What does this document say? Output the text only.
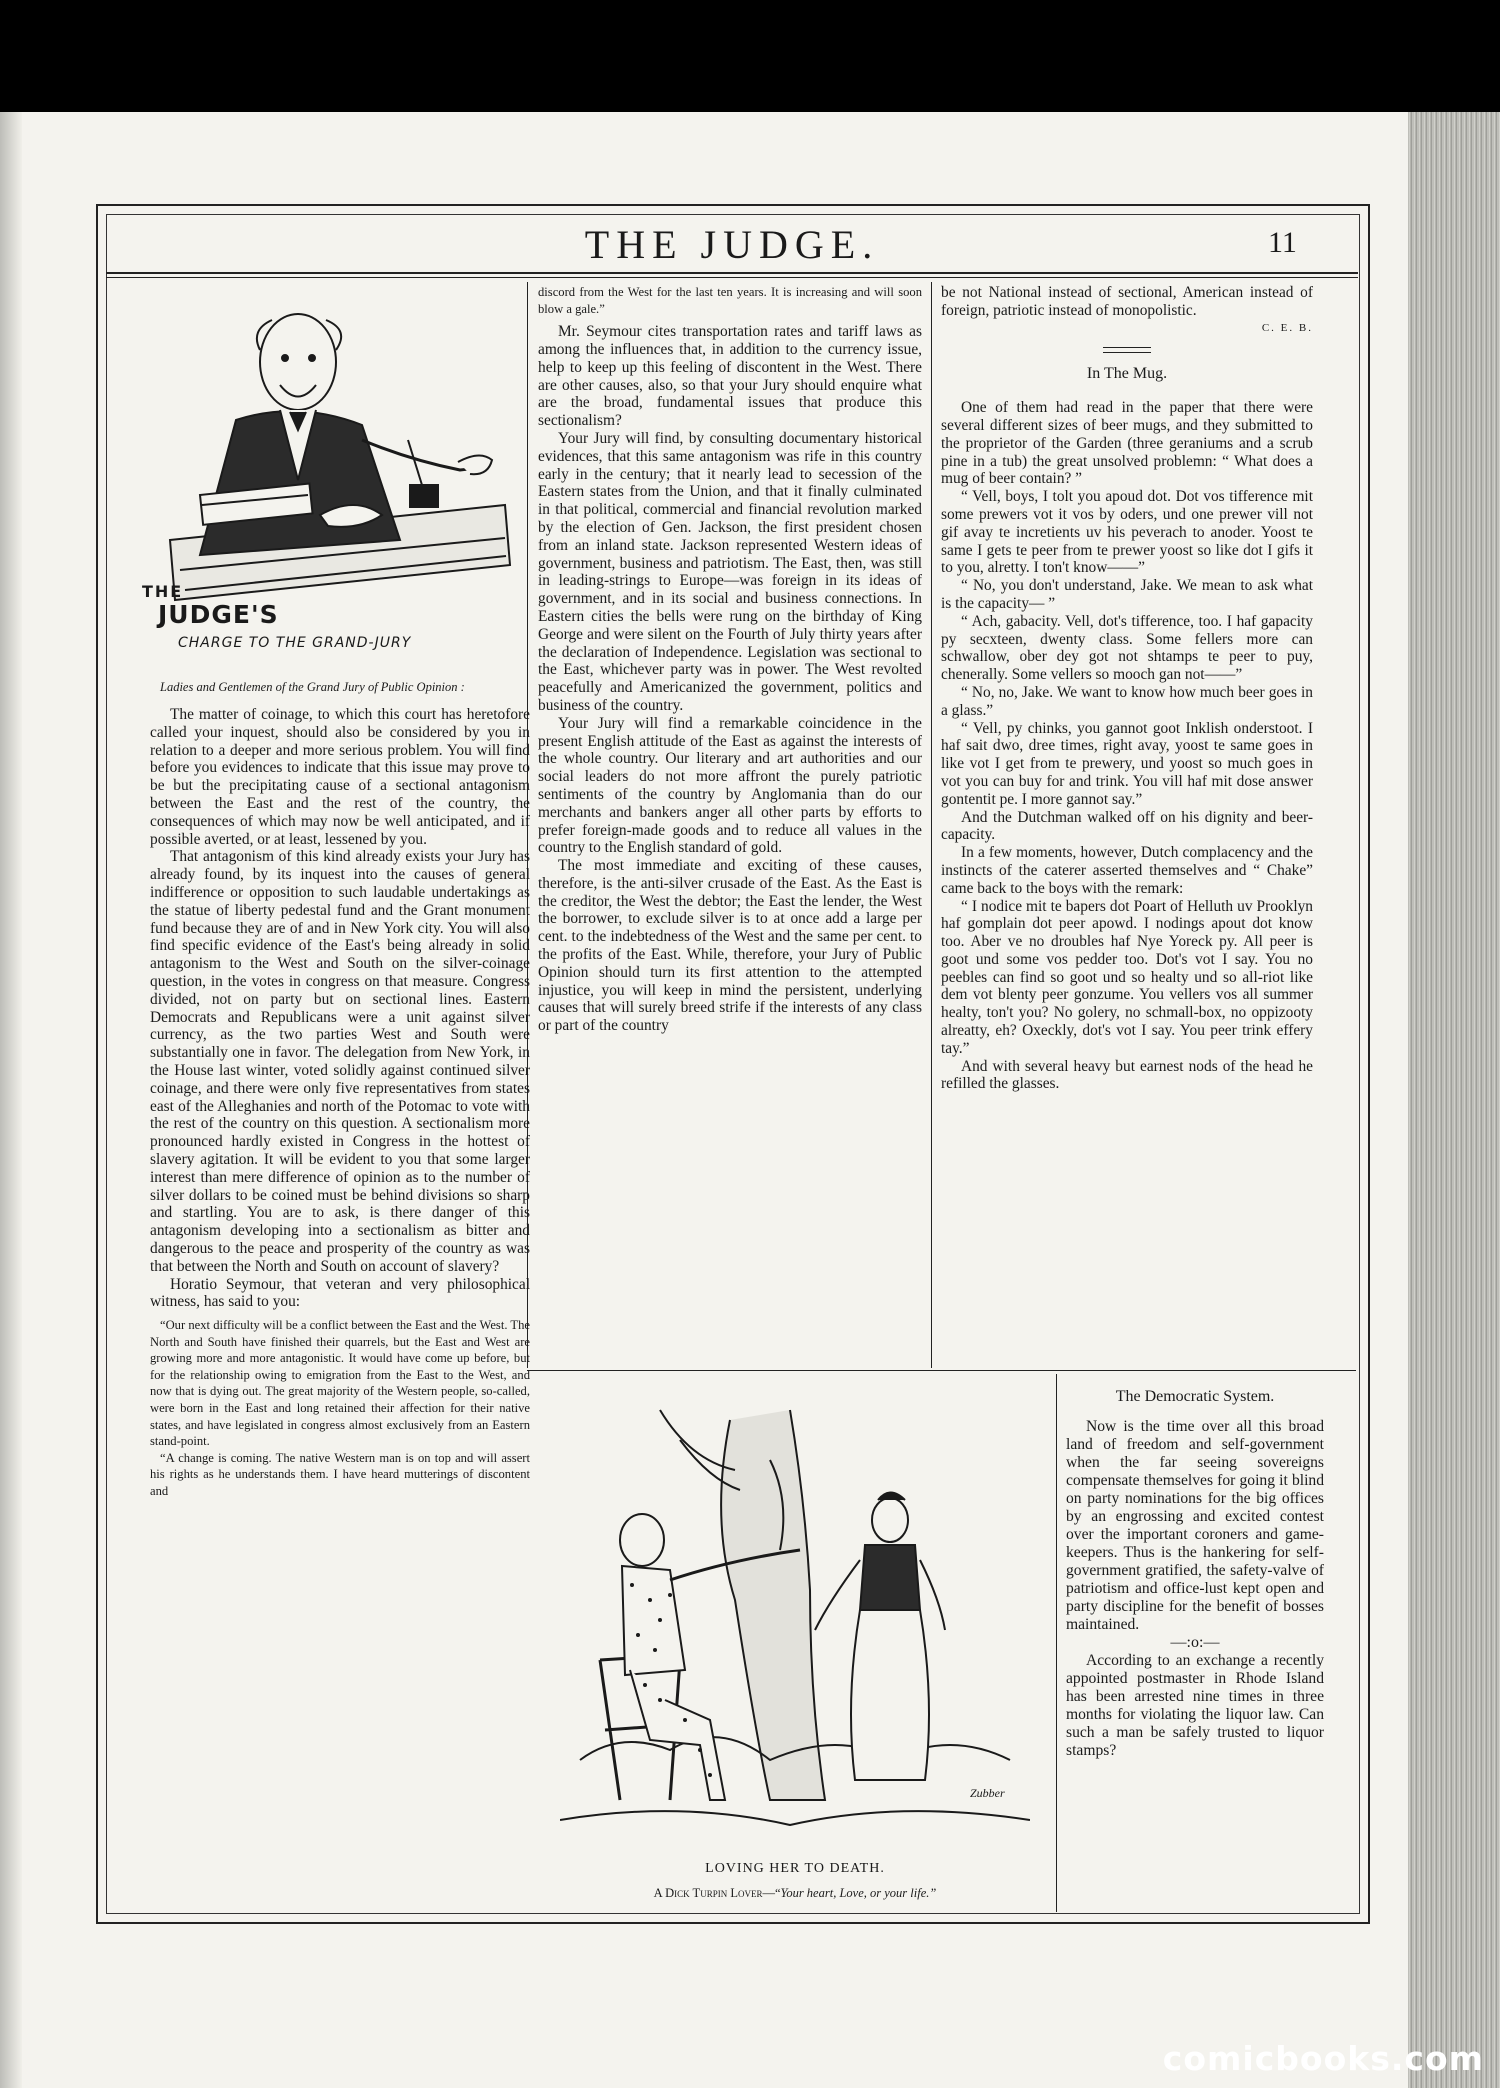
THE JUDGE.	11
THE
JUDGE'S
CHARGE TO THE GRAND-JURY

Ladies and Gentlemen of the Grand Jury of Public Opinion :

The matter of coinage, to which this court has heretofore called your inquest, should also be considered by you in relation to a deeper and more serious problem. You will find before you evidences to indicate that this issue may prove to be but the precipitating cause of a sectional antagonism between the East and the rest of the country, the consequences of which may now be well anticipated, and if possible averted, or at least, lessened by you.

That antagonism of this kind already exists your Jury has already found, by its inquest into the causes of general indifference or opposition to such laudable undertakings as the statue of liberty pedestal fund and the Grant monument fund because they are of and in New York city. You will also find specific evidence of the East's being already in solid antagonism to the West and South on the silver-coinage question, in the votes in congress on that measure. Congress divided, not on party but on sectional lines. Eastern Democrats and Republicans were a unit against silver currency, as the two parties West and South were substantially one in favor. The delegation from New York, in the House last winter, voted solidly against continued silver coinage, and there were only five representatives from states east of the Alleghanies and north of the Potomac to vote with the rest of the country on this question. A sectionalism more pronounced hardly existed in Congress in the hottest of slavery agitation. It will be evident to you that some larger interest than mere difference of opinion as to the number of silver dollars to be coined must be behind divisions so sharp and startling. You are to ask, is there danger of this antagonism developing into a sectionalism as bitter and dangerous to the peace and prosperity of the country as was that between the North and South on account of slavery?

Horatio Seymour, that veteran and very philosophical witness, has said to you:

“Our next difficulty will be a conflict between the East and the West. The North and South have finished their quarrels, but the East and West are growing more and more antagonistic. It would have come up before, but for the relationship owing to emigration from the East to the West, and now that is dying out. The great majority of the Western people, so-called, were born in the East and long retained their affection for their native states, and have legislated in congress almost exclusively from an Eastern stand-point.

“A change is coming. The native Western man is on top and will assert his rights as he understands them. I have heard mutterings of discontent and

discord from the West for the last ten years. It is increasing and will soon blow a gale.”

Mr. Seymour cites transportation rates and tariff laws as among the influences that, in addition to the currency issue, help to keep up this feeling of discontent in the West. There are other causes, also, so that your Jury should enquire what are the broad, fundamental issues that produce this sectionalism?

Your Jury will find, by consulting documentary historical evidences, that this same antagonism was rife in this country early in the century; that it nearly lead to secession of the Eastern states from the Union, and that it finally culminated in that political, commercial and financial revolution marked by the election of Gen. Jackson, the first president chosen from an inland state. Jackson represented Western ideas of government, business and patriotism. The East, then, was still in leading-strings to Europe—was foreign in its ideas of government, and in its social and business connections. In Eastern cities the bells were rung on the birthday of King George and were silent on the Fourth of July thirty years after the declaration of Independence. Legislation was sectional to the East, whichever party was in power. The West revolted peacefully and Americanized the government, politics and business of the country.

Your Jury will find a remarkable coincidence in the present English attitude of the East as against the interests of the whole country. Our literary and art authorities and our social leaders do not more affront the purely patriotic sentiments of the country by Anglomania than do our merchants and bankers anger all other parts by efforts to prefer foreign-made goods and to reduce all values in the country to the English standard of gold.

The most immediate and exciting of these causes, therefore, is the anti-silver crusade of the East. As the East is the creditor, the West the debtor; the East the lender, the West the borrower, to exclude silver is to at once add a large per cent. to the indebtedness of the West and the same per cent. to the profits of the East. While, therefore, your Jury of Public Opinion should turn its first attention to the attempted injustice, you will keep in mind the persistent, underlying causes that will surely breed strife if the interests of any class or part of the country

be not National instead of sectional, American instead of foreign, patriotic instead of monopolistic.

C. E. B.

In The Mug.

One of them had read in the paper that there were several different sizes of beer mugs, and they submitted to the proprietor of the Garden (three geraniums and a scrub pine in a tub) the great unsolved problemn: “ What does a mug of beer contain? ”

“ Vell, boys, I tolt you apoud dot. Dot vos tifference mit some prewers vot it vos by oders, und one prewer vill not gif avay te incretients uv his peverach to anoder. Yoost te same I gets te peer from te prewer yoost so like dot I gifs it to you, alretty. I ton't know——”

“ No, you don't understand, Jake. We mean to ask what is the capacity— ”

“ Ach, gabacity. Vell, dot's tifference, too. I haf gapacity py secxteen, dwenty class. Some fellers more can schwallow, ober dey got not shtamps te peer to puy, chenerally. Some vellers so mooch gan not——”

“ No, no, Jake. We want to know how much beer goes in a glass.”

“ Vell, py chinks, you gannot goot Inklish onderstoot. I haf sait dwo, dree times, right avay, yoost te same goes in like vot I get from te prewery, und yoost so much goes in vot you can buy for and trink. You vill haf mit dose answer gontentit pe. I more gannot say.”

And the Dutchman walked off on his dignity and beer-capacity.

In a few moments, however, Dutch complacency and the instincts of the caterer asserted themselves and “ Chake” came back to the boys with the remark:

“ I nodice mit te bapers dot Poart of Helluth uv Prooklyn haf gomplain dot peer apowd. I nodings apout dot know too. Aber ve no droubles haf Nye Yoreck py. All peer is goot und some vos pedder too. Dot's vot I say. You no peebles can find so goot und so healty und so all-riot like dem vot blenty peer gonzume. You vellers vos all summer healty, ton't you? No golery, no schmall-box, no oppizooty alreatty, eh? Oxeckly, dot's vot I say. You peer trink effery tay.”

And with several heavy but earnest nods of the head he refilled the glasses.

Zubber
LOVING HER TO DEATH.
A Dick Turpin Lover—“Your heart, Love, or your life.”

The Democratic System.

Now is the time over all this broad land of freedom and self-government when the far seeing sovereigns compensate themselves for going it blind on party nominations for the big offices by an engrossing and excited contest over the important coroners and game-keepers. Thus is the hankering for self-government gratified, the safety-valve of patriotism and office-lust kept open and party discipline for the benefit of bosses maintained.

—:o:—

According to an exchange a recently appointed postmaster in Rhode Island has been arrested nine times in three months for violating the liquor law. Can such a man be safely trusted to liquor stamps?

comicbooks.com
